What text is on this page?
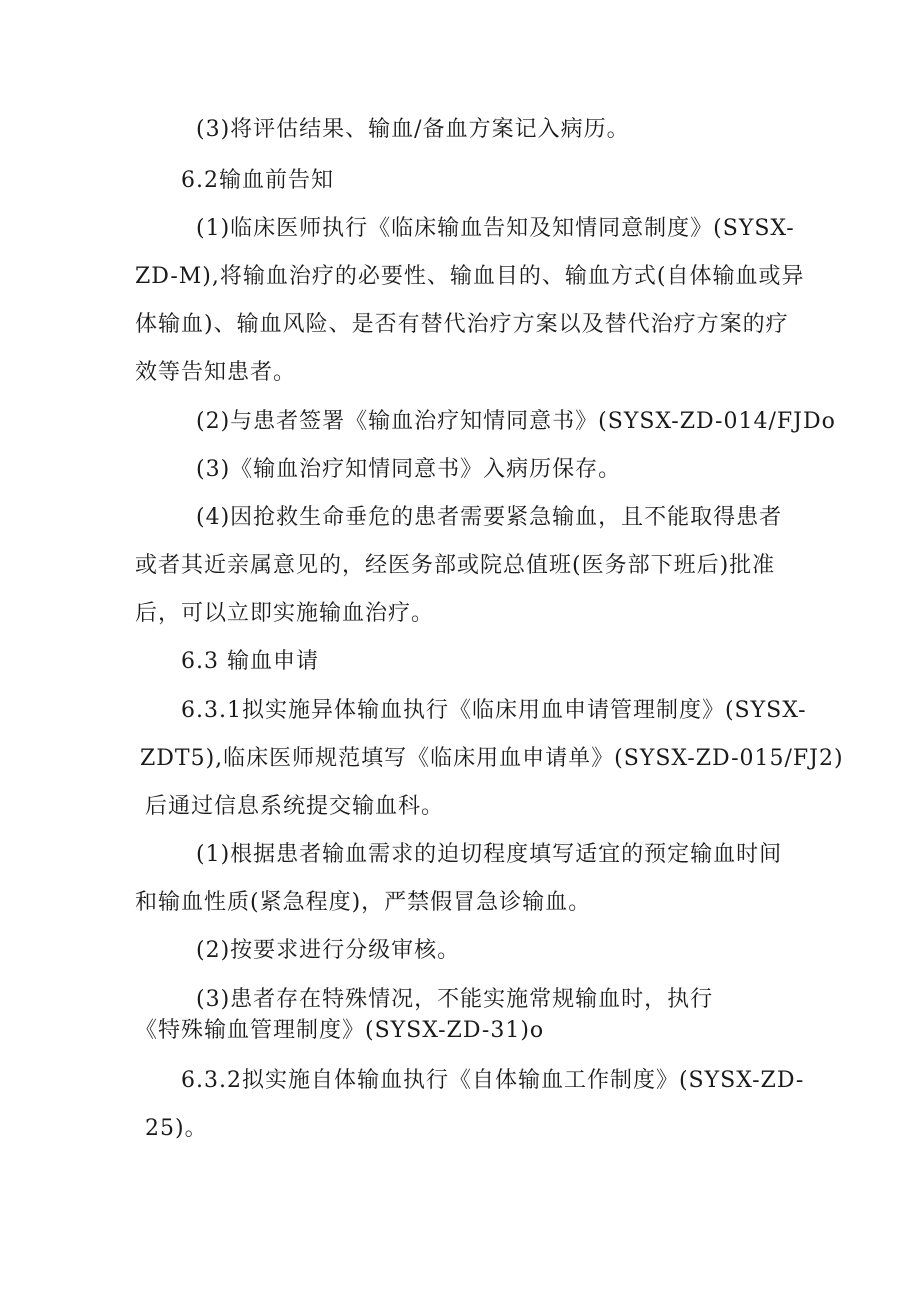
(3)将评估结果、输血/备血方案记入病历。

6.2输血前告知

(1)临床医师执行《临床输血告知及知情同意制度》(SYSX-

ZD-M),将输血治疗的必要性、输血目的、输血方式(自体输血或异

体输血)、输血风险、是否有替代治疗方案以及替代治疗方案的疗

效等告知患者。

(2)与患者签署《输血治疗知情同意书》(SYSX-ZD-014/FJDo

(3)《输血治疗知情同意书》入病历保存。

(4)因抢救生命垂危的患者需要紧急输血，且不能取得患者

或者其近亲属意见的，经医务部或院总值班(医务部下班后)批准

后，可以立即实施输血治疗。

6.3 输血申请

6.3.1拟实施异体输血执行《临床用血申请管理制度》(SYSX-

ZDT5),临床医师规范填写《临床用血申请单》(SYSX-ZD-015/FJ2)

后通过信息系统提交输血科。

(1)根据患者输血需求的迫切程度填写适宜的预定输血时间

和输血性质(紧急程度)，严禁假冒急诊输血。

(2)按要求进行分级审核。

(3)患者存在特殊情况，不能实施常规输血时，执行

《特殊输血管理制度》(SYSX-ZD-31)o

6.3.2拟实施自体输血执行《自体输血工作制度》(SYSX-ZD-

25)。
